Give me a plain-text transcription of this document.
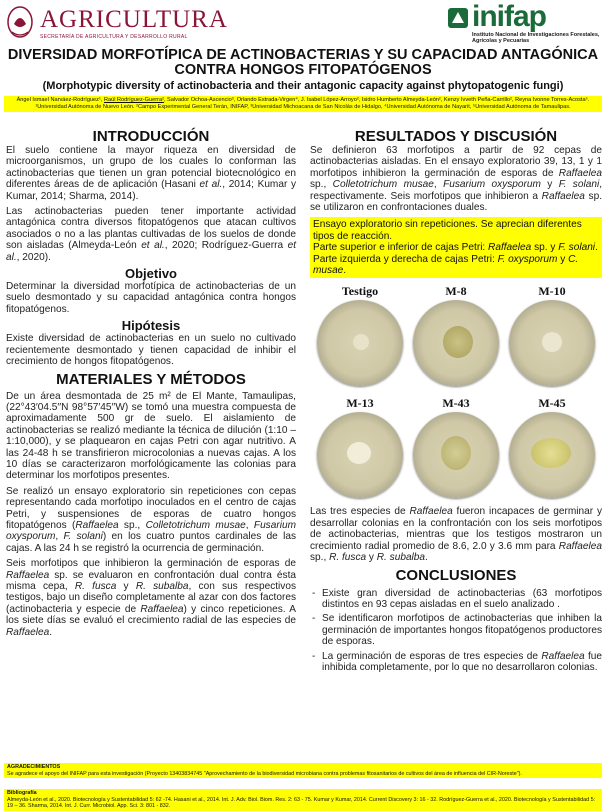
AGRICULTURA
SECRETARÍA DE AGRICULTURA Y DESARROLLO RURAL
inifap
Instituto Nacional de Investigaciones Forestales, Agrícolas y Pecuarias
DIVERSIDAD MORFOTÍPICA DE ACTINOBACTERIAS Y SU CAPACIDAD ANTAGÓNICA CONTRA HONGOS FITOPATÓGENOS
(Morphotypic diversity of actinobacteria and their antagonic capacity against phytopatogenic fungi)
Ángel Ismael Narváez-Rodríguez¹, Raúl Rodríguez-Guerra², Salvador Ochoa-Ascencio³, Orlando Estrada-Virgen⁴, J. Isabel López-Arroyo², Isidro Humberto Almeyda-León², Kenzy Ivveth Peña-Carrillo², Reyna Ivonne Torres-Acosta⁵.
¹Universidad Autónoma de Nuevo León. ²Campo Experimental General Terán, INIFAP, ³Universidad Michoacana de San Nicolás de Hidalgo, ⁴Universidad Autónoma de Nayarit, ⁵Universidad Autónoma de Tamaulipas.
INTRODUCCIÓN

El suelo contiene la mayor riqueza en diversidad de microorganismos, un grupo de los cuales lo conforman las actinobacterias que tienen un gran potencial biotecnológico en diferentes áreas de de aplicación (Hasani et al., 2014; Kumar y Kumar, 2014; Sharma, 2014).

Las actinobacterias pueden tener importante actividad antagónica contra diversos fitopatógenos que atacan cultivos asociados o no a las plantas cultivadas de los suelos de donde son aisladas (Almeyda-León et al., 2020; Rodríguez-Guerra et al., 2020).

Objetivo

Determinar la diversidad morfotípica de actinobacterias de un suelo desmontado y su capacidad antagónica contra hongos fitopatógenos.

Hipótesis

Existe diversidad de actinobacterias en un suelo no cultivado recientemente desmontado y tienen capacidad de inhibir el crecimiento de hongos fitopatógenos.

MATERIALES Y MÉTODOS

De un área desmontada de 25 m² de El Mante, Tamaulipas, (22°43′04.5′′N 98°57′45′′W) se tomó una muestra compuesta de aproximadamente 500 gr de suelo. El aislamiento de actinobacterias se realizó mediante la técnica de dilución (1:10 – 1:10,000), y se plaquearon en cajas Petri con agar nutritivo. A las 24-48 h se transfirieron microcolonias a nuevas cajas. A los 10 días se caracterizaron morfológicamente las colonias para determinar los morfotipos presentes.

Se realizó un ensayo exploratorio sin repeticiones con cepas representando cada morfotipo inoculados en el centro de cajas Petri, y suspensiones de esporas de cuatro hongos fitopatógenos (Raffaelea sp., Colletotrichum musae, Fusarium oxysporum, F. solani) en los cuatro puntos cardinales de las cajas. A las 24 h se registró la ocurrencia de germinación.

Seis morfotipos que inhibieron la germinación de esporas de Raffaelea sp. se evaluaron en confrontación dual contra ésta misma cepa, R. fusca y R. subalba, con sus respectivos testigos, bajo un diseño completamente al azar con dos factores (actinobacteria y especie de Raffaelea) y cinco repeticiones. A los siete días se evaluó el crecimiento radial de las especies de Raffaelea.

RESULTADOS Y DISCUSIÓN

Se definieron 63 morfotipos a partir de 92 cepas de actinobacterias aisladas. En el ensayo exploratorio 39, 13, 1 y 1 morfotipos inhibieron la germinación de esporas de Raffaelea sp., Colletotrichum musae, Fusarium oxysporum y F. solani, respectivamente. Seis morfotipos que inhibieron a Raffaelea sp. se utilizaron en confrontaciones duales.

Ensayo exploratorio sin repeticiones. Se aprecian diferentes tipos de reacción.
Parte superior e inferior de cajas Petri: Raffaelea sp. y F. solani.
Parte izquierda y derecha de cajas Petri: F. oxysporum y C. musae.
Testigo	M-8	M-10
M-13	M-43	M-45

Las tres especies de Raffaelea fueron incapaces de germinar y desarrollar colonias en la confrontación con los seis morfotipos de actinobacterias, mientras que los testigos mostraron un crecimiento radial promedio de 8.6, 2.0 y 3.6 mm para Raffaelea sp., R. fusca y R. subalba.

CONCLUSIONES
- Existe gran diversidad de actinobacterias (63 morfotipos distintos en 93 cepas aisladas en el suelo analizado .
- Se identificaron morfotipos de actinobacterias que inhiben la germinación de importantes hongos fitopatógenos productores de esporas.
- La germinación de esporas de tres especies de Raffaelea fue inhibida completamente, por lo que no desarrollaron colonias.
AGRADECIMIENTOS
Se agradece el apoyo del INIFAP para esta investigación (Proyecto 13403834745 "Aprovechamiento de la biodiversidad microbiana contra problemas fitosanitarios de cultivos del área de influencia del CIR-Noreste").
Bibliografía
Almeyda-León et al., 2020. Biotecnología y Sustentabilidad 5: 62 -74. Hasani et al., 2014. Int. J. Adv. Biol. Biom. Res. 2: 63 - 75. Kumar y Kumar, 2014. Current Discovery 3: 16 - 32. Rodríguez-Guerra et al., 2020. Biotecnología y Sustentabilidad 5: 19 – 36. Sharma, 2014. Int. J. Curr. Microbiol. App. Sci. 3: 801 - 832.
